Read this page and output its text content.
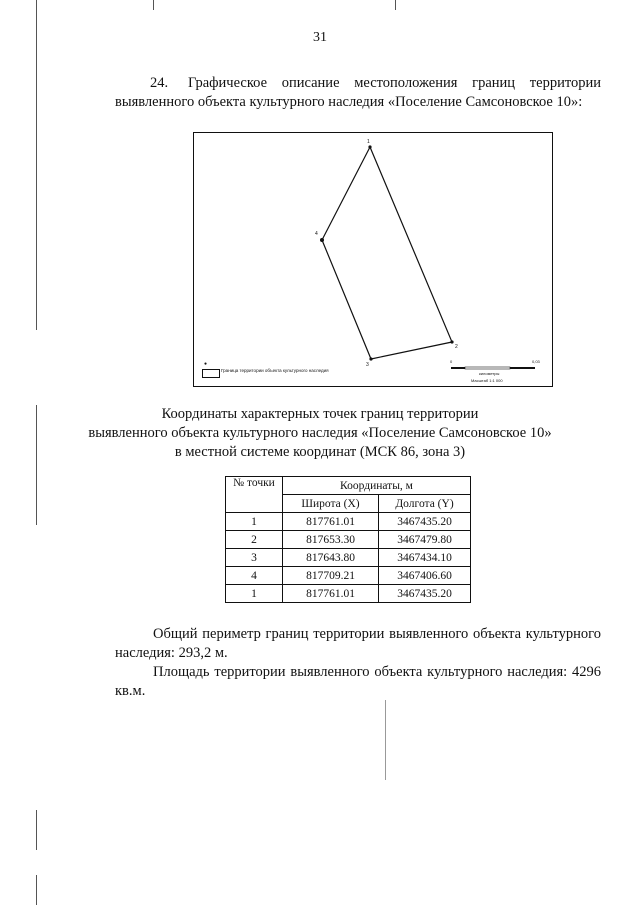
31
24. Графическое описание местоположения границ территории выявленного объекта культурного наследия «Поселение Самсоновское 10»:
1
2
3
4
●
Граница территории объекта культурного наследия
0	0,03
километры
Масштаб 1:1 000
Координаты характерных точек границ территории
выявленного объекта культурного наследия «Поселение Самсоновское 10»
в местной системе координат (МСК 86, зона 3)
№ точки	Координаты, м	
	Широта (X)	Долгота (Y)
1	817761.01	3467435.20
2	817653.30	3467479.80
3	817643.80	3467434.10
4	817709.21	3467406.60
1	817761.01	3467435.20
Общий периметр границ территории выявленного объекта культурного наследия: 293,2 м.
Площадь территории выявленного объекта культурного наследия: 4296 кв.м.
